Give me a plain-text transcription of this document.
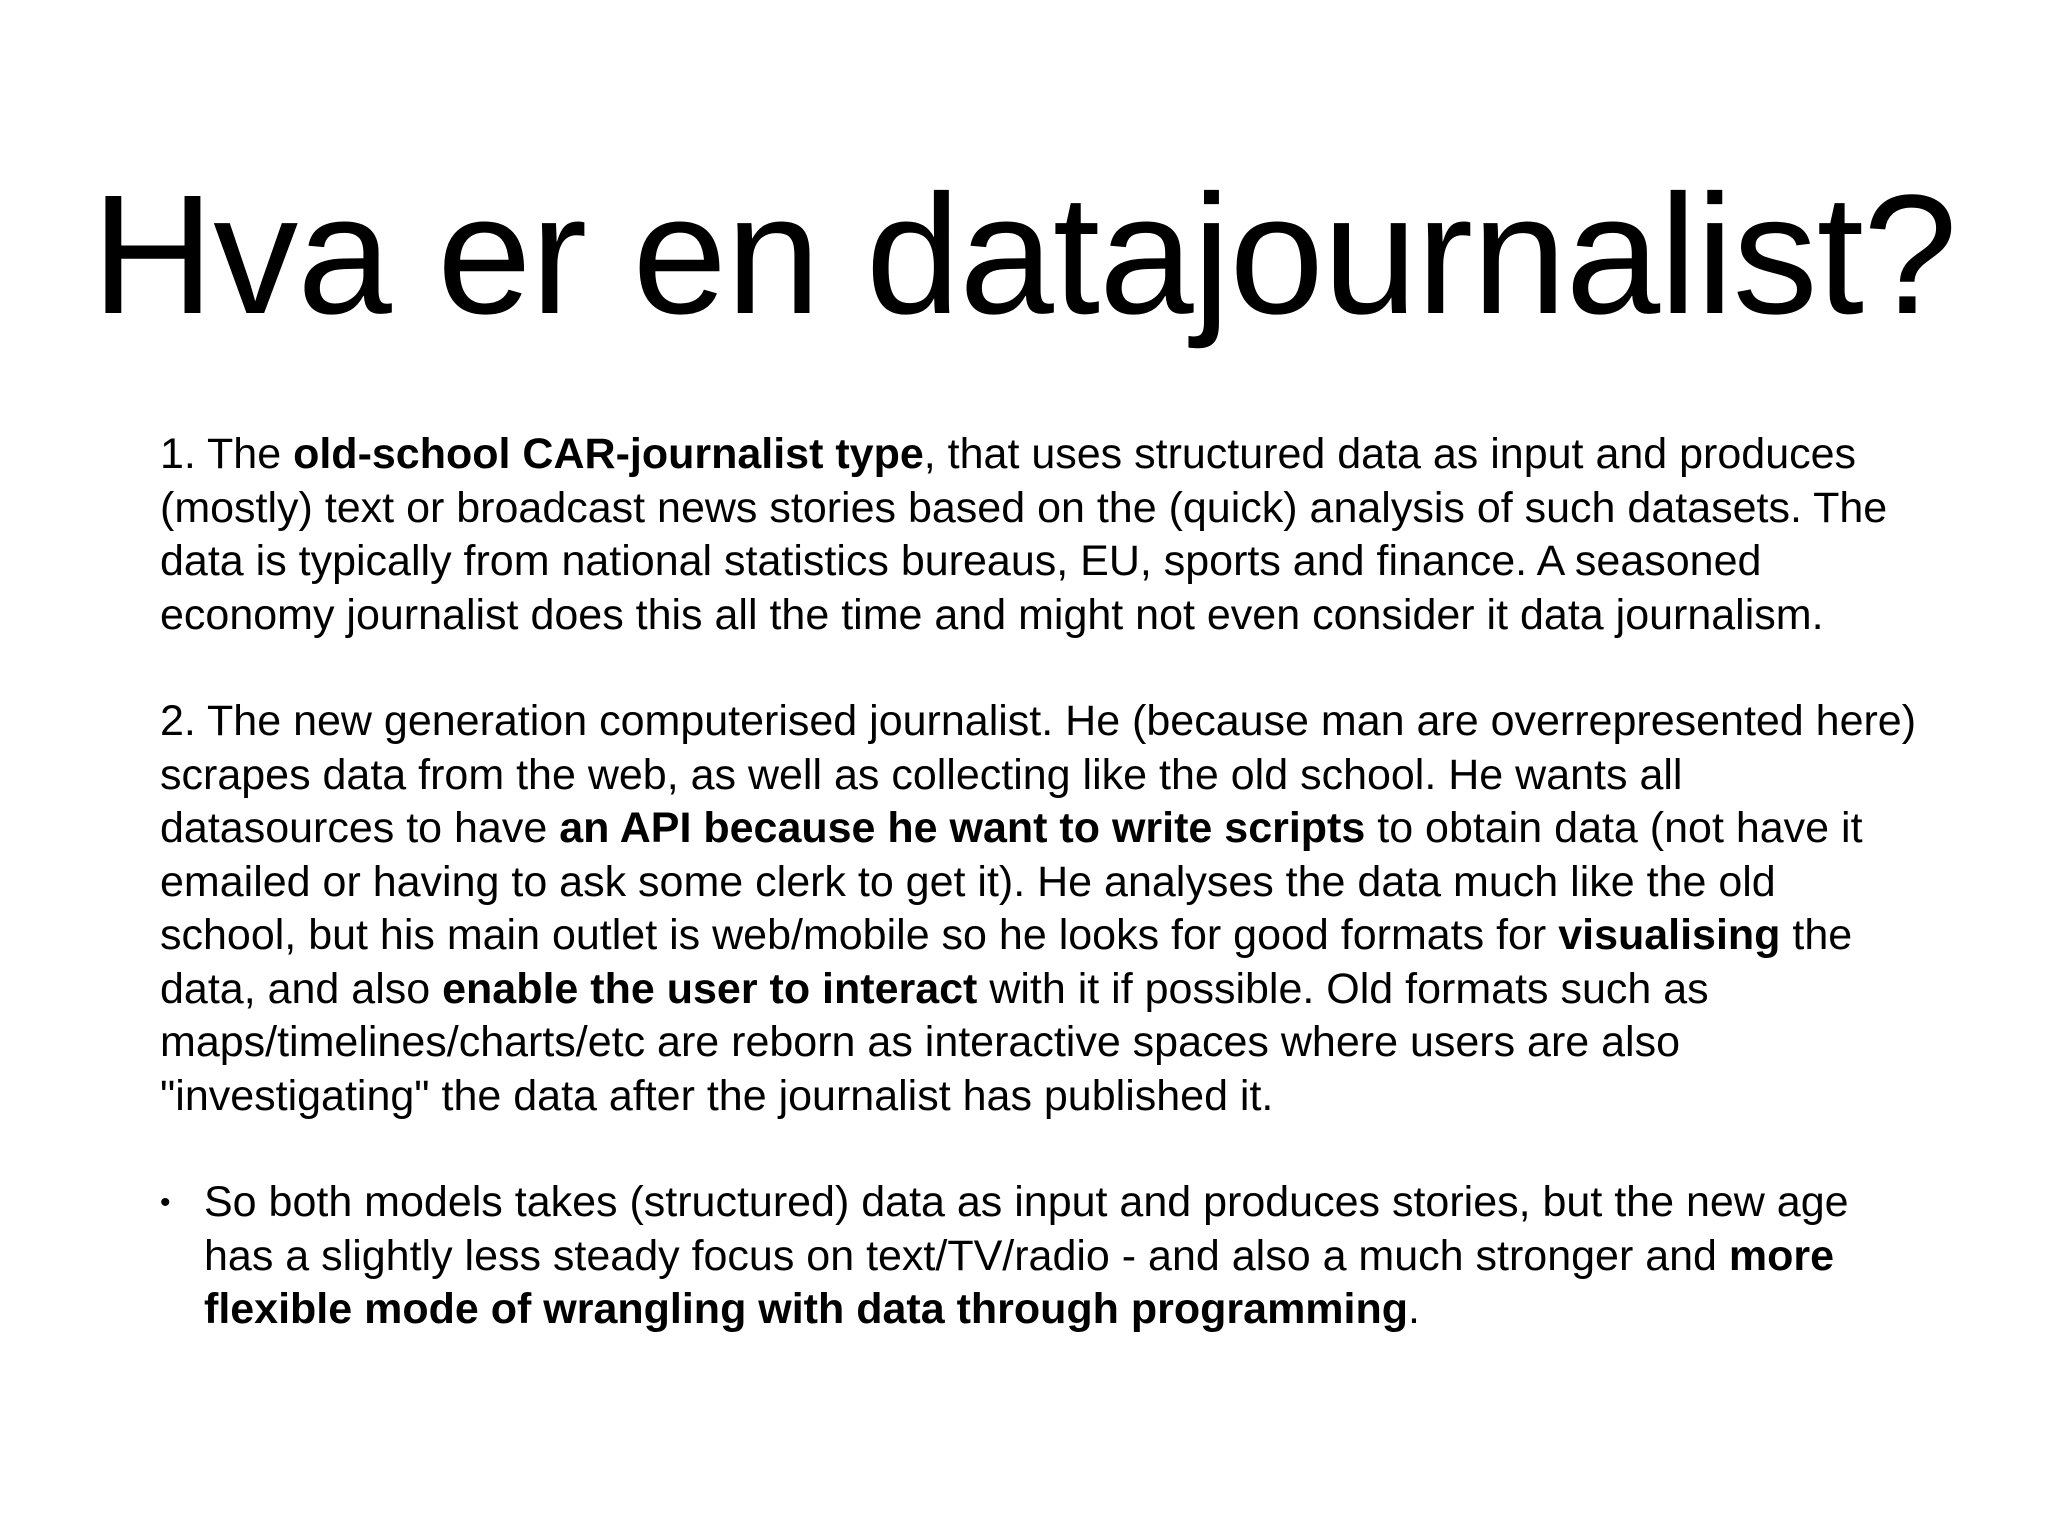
Hva er en datajournalist?

1. The old-school CAR-journalist type, that uses structured data as input and produces (mostly) text or broadcast news stories based on the (quick) analysis of such datasets. The data is typically from national statistics bureaus, EU, sports and finance. A seasoned economy journalist does this all the time and might not even consider it data journalism.

2. The new generation computerised journalist. He (because man are overrepresented here) scrapes data from the web, as well as collecting like the old school. He wants all datasources to have an API because he want to write scripts to obtain data (not have it emailed or having to ask some clerk to get it). He analyses the data much like the old school, but his main outlet is web/mobile so he looks for good formats for visualising the data, and also enable the user to interact with it if possible. Old formats such as maps/timelines/charts/etc are reborn as interactive spaces where users are also "investigating" the data after the journalist has published it.

• So both models takes (structured) data as input and produces stories, but the new age has a slightly less steady focus on text/TV/radio - and also a much stronger and more flexible mode of wrangling with data through programming.
